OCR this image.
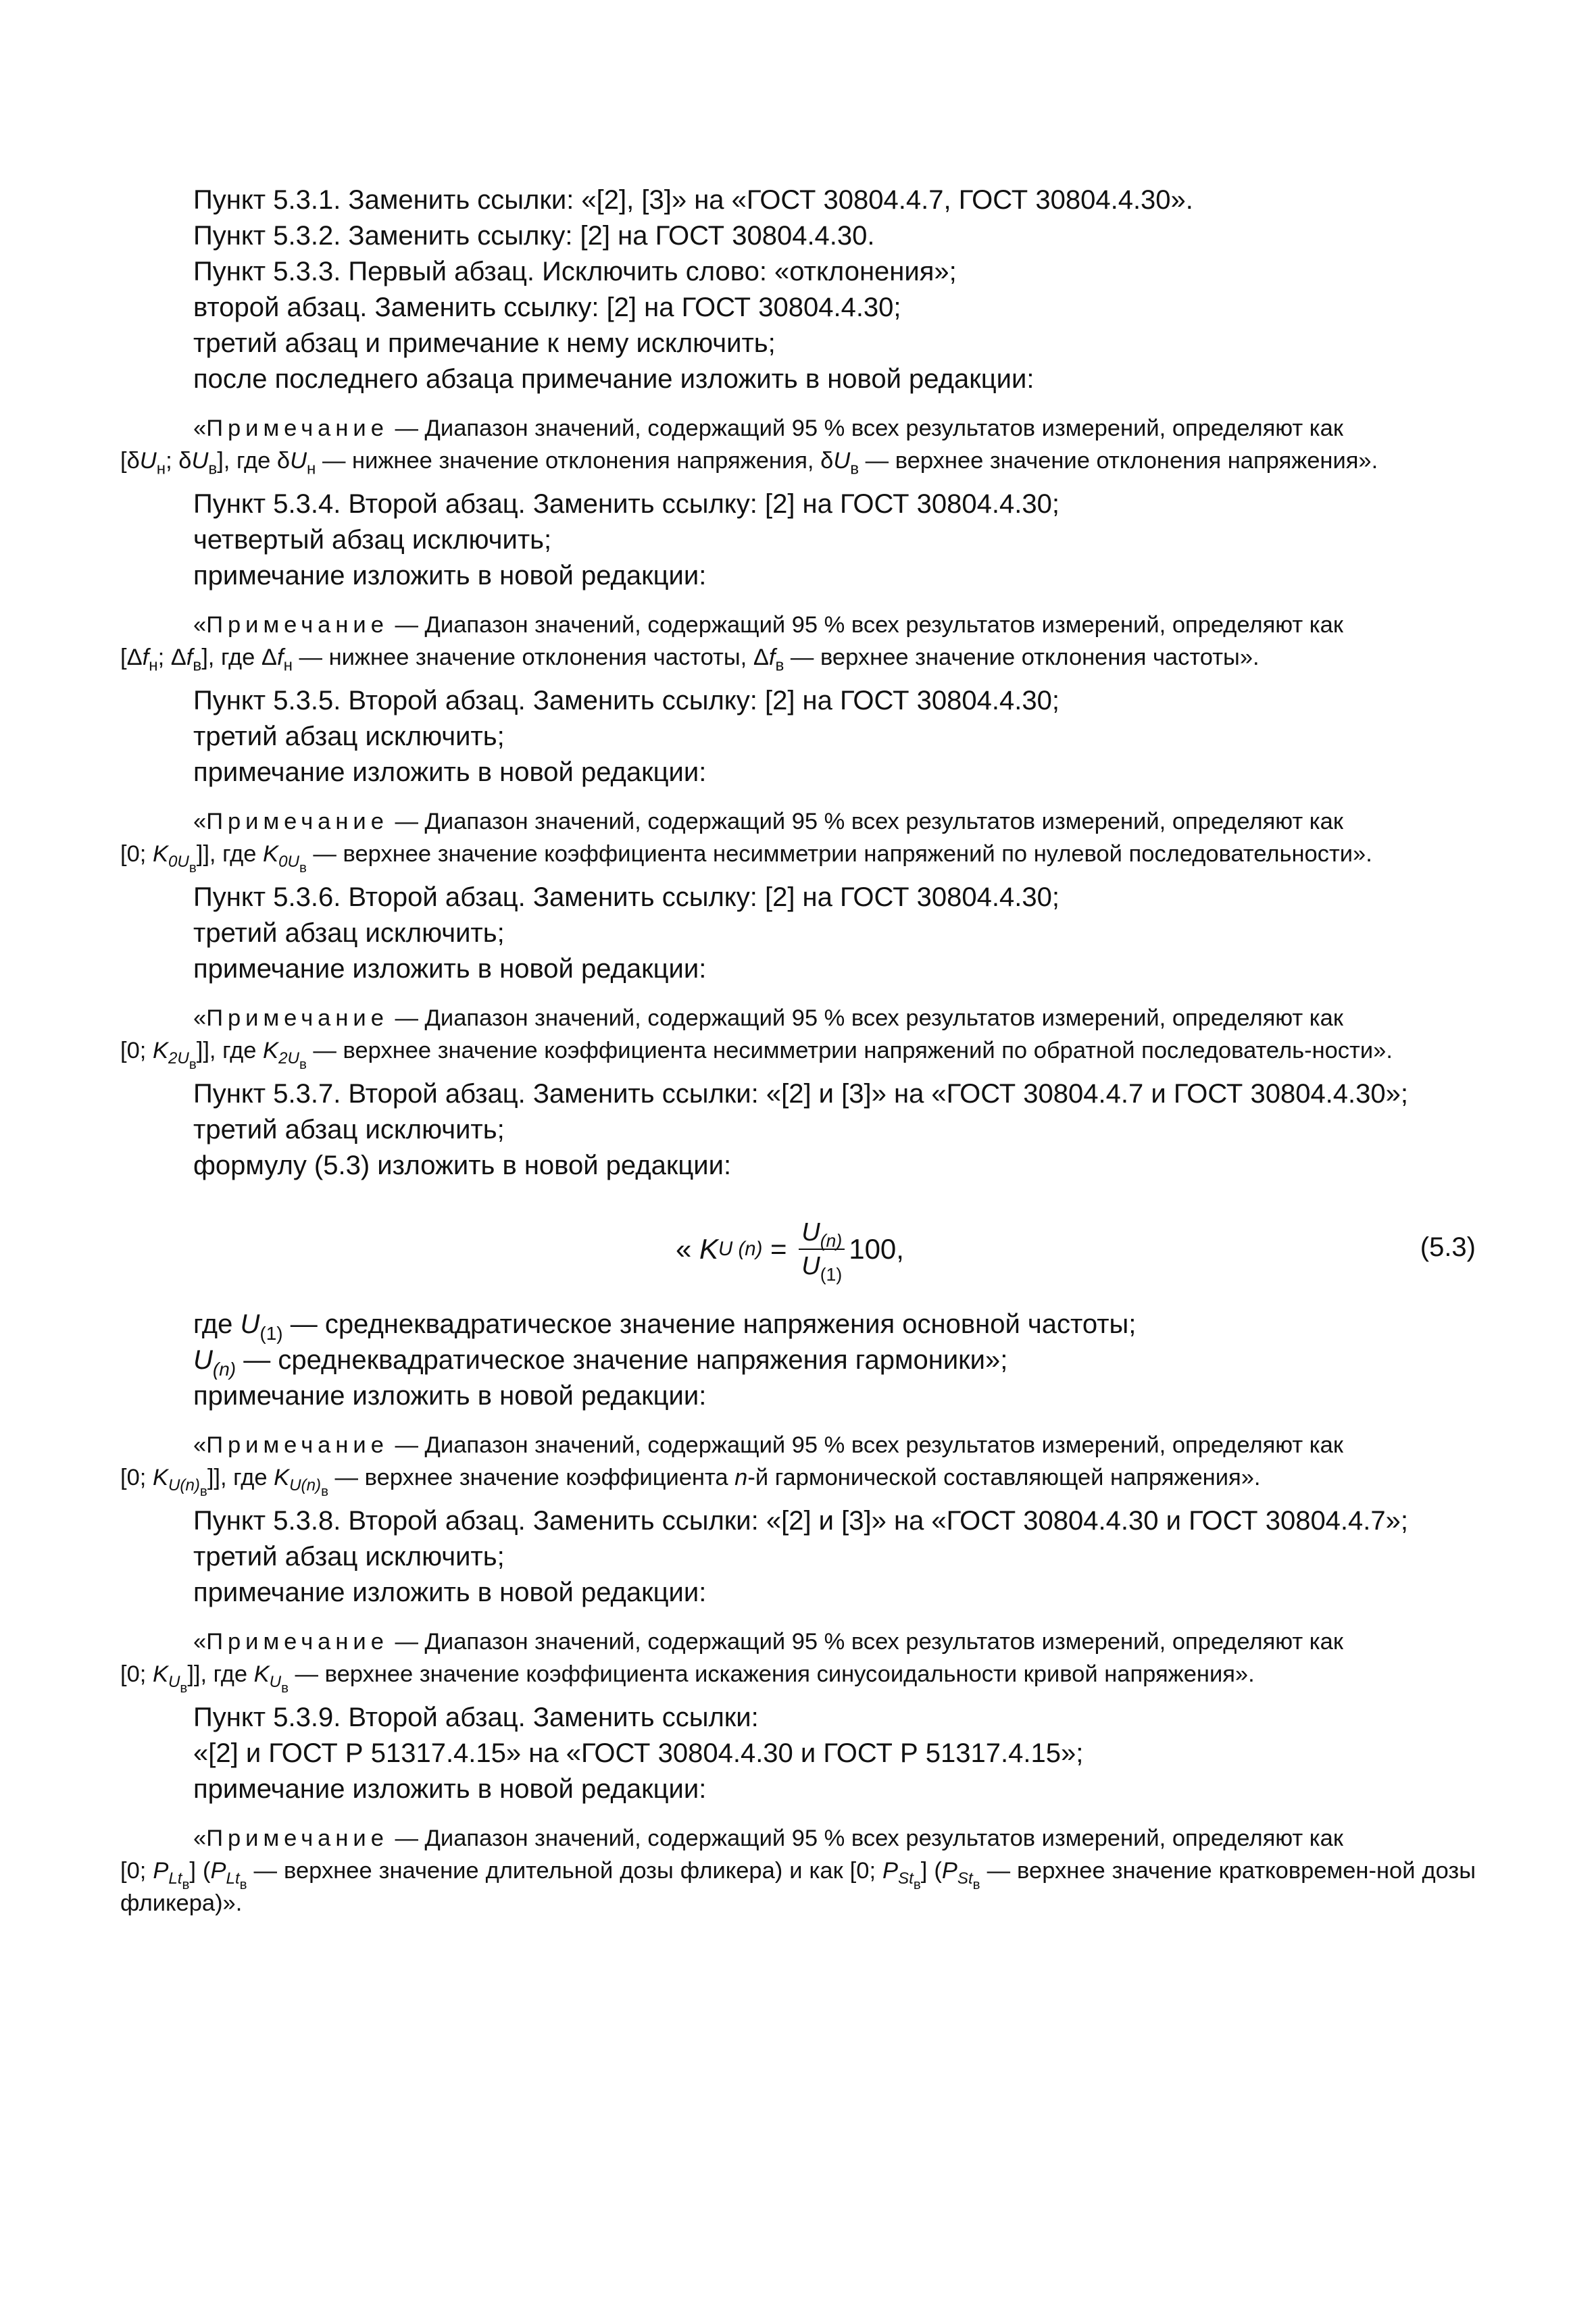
Пункт 5.3.1. Заменить ссылки: «[2], [3]» на «ГОСТ 30804.4.7, ГОСТ 30804.4.30».

Пункт 5.3.2. Заменить ссылку: [2] на ГОСТ 30804.4.30.

Пункт 5.3.3. Первый абзац. Исключить слово: «отклонения»;

второй абзац. Заменить ссылку: [2] на ГОСТ 30804.4.30;

третий абзац и примечание к нему исключить;

после последнего абзаца примечание изложить в новой редакции:

«Примечание — Диапазон значений, содержащий 95 % всех результатов измерений, определяют как
[$\delta U_н$; $\delta U_в$], где $\delta U_н$ — нижнее значение отклонения напряжения, $\delta U_в$ — верхнее значение отклонения напряжения».

Пункт 5.3.4. Второй абзац. Заменить ссылку: [2] на ГОСТ 30804.4.30;

четвертый абзац исключить;

примечание изложить в новой редакции:

«Примечание — Диапазон значений, содержащий 95 % всех результатов измерений, определяют как
[$\Delta f_н$; $\Delta f_в$], где $\Delta f_н$ — нижнее значение отклонения частоты, $\Delta f_в$ — верхнее значение отклонения частоты».

Пункт 5.3.5. Второй абзац. Заменить ссылку: [2] на ГОСТ 30804.4.30;

третий абзац исключить;

примечание изложить в новой редакции:

«Примечание — Диапазон значений, содержащий 95 % всех результатов измерений, определяют как
[0; $K_{0U_в}$]], где $K_{0U_в}$ — верхнее значение коэффициента несимметрии напряжений по нулевой последовательности».

Пункт 5.3.6. Второй абзац. Заменить ссылку: [2] на ГОСТ 30804.4.30;

третий абзац исключить;

примечание изложить в новой редакции:

«Примечание — Диапазон значений, содержащий 95 % всех результатов измерений, определяют как
[0; $K_{2U_в}$]], где $K_{2U_в}$ — верхнее значение коэффициента несимметрии напряжений по обратной последователь-ности».

Пункт 5.3.7. Второй абзац. Заменить ссылки: «[2] и [3]» на «ГОСТ 30804.4.7 и ГОСТ 30804.4.30»;

третий абзац исключить;

формулу (5.3) изложить в новой редакции:

«
K U $(n) = \frac{U_{(n)}}{U_{(1)}} 100$,	(5.3)

где $U_{(1)}$ — среднеквадратическое значение напряжения основной частоты;

$U_{(n)}$ — среднеквадратическое значение напряжения гармоники»;

примечание изложить в новой редакции:

«Примечание — Диапазон значений, содержащий 95 % всех результатов измерений, определяют как
[0; $K_{U(n)_в}$]], где $K_{U(n)_в}$ — верхнее значение коэффициента n-й гармонической составляющей напряжения».

Пункт 5.3.8. Второй абзац. Заменить ссылки: «[2] и [3]» на «ГОСТ 30804.4.30 и ГОСТ 30804.4.7»;

третий абзац исключить;

примечание изложить в новой редакции:

«Примечание — Диапазон значений, содержащий 95 % всех результатов измерений, определяют как
[0; $K_{U_в}$]], где $K_{U_в}$ — верхнее значение коэффициента искажения синусоидальности кривой напряжения».

Пункт 5.3.9. Второй абзац. Заменить ссылки:

«[2] и ГОСТ Р 51317.4.15» на «ГОСТ 30804.4.30 и ГОСТ Р 51317.4.15»;

примечание изложить в новой редакции:

«Примечание — Диапазон значений, содержащий 95 % всех результатов измерений, определяют как
[0; $P_{Lt_в}$] ($P_{Lt_в}$ — верхнее значение длительной дозы фликера) и как [0; $P_{St_в}$] ($P_{St_в}$ — верхнее значение кратковремен-ной дозы фликера)».
